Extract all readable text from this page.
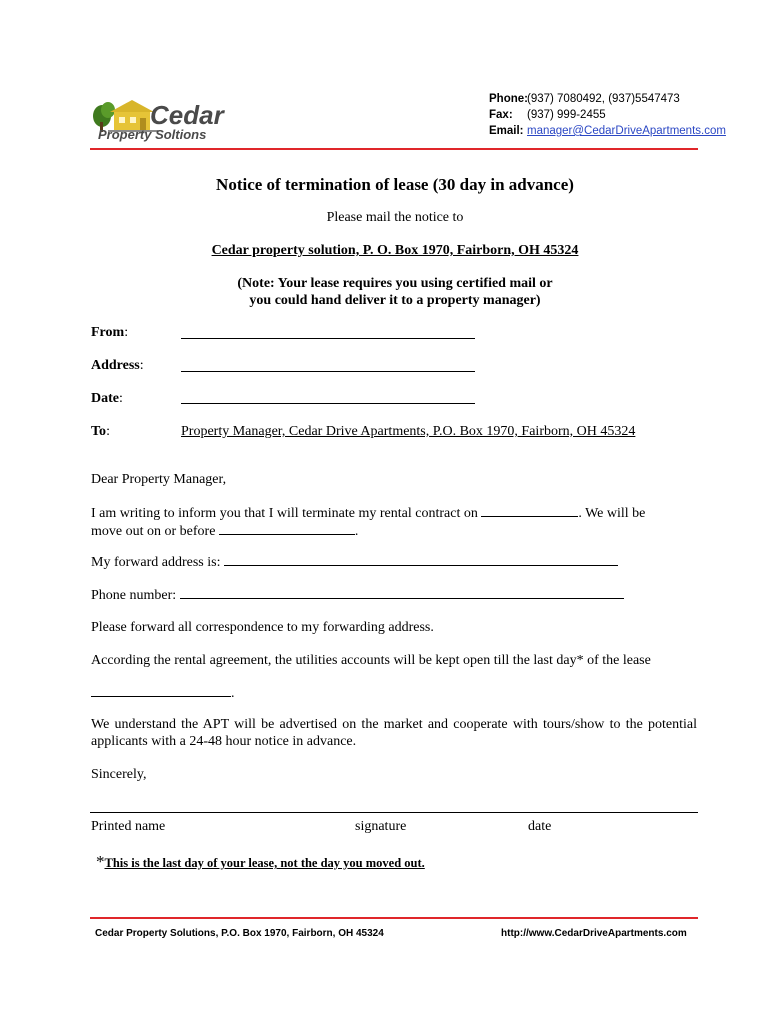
Cedar
Property Soltions
Phone:(937) 7080492, (937)5547473
Fax: (937) 999-2455
Email: manager@CedarDriveApartments.com
Notice of termination of lease (30 day in advance)
Please mail the notice to
Cedar property solution, P. O. Box 1970, Fairborn, OH 45324
(Note: Your lease requires you using certified mail or
you could hand deliver it to a property manager)
From:
Address:
Date:
To:	Property Manager, Cedar Drive Apartments, P.O. Box 1970, Fairborn, OH 45324
Dear Property Manager,
I am writing to inform you that I will terminate my rental contract on	. We will be
move out on or before	.
My forward address is:
Phone number:
Please forward all correspondence to my forwarding address.
According the rental agreement, the utilities accounts will be kept open till the last day* of the lease
.
We understand the APT will be advertised on the market and cooperate with tours/show to the potential applicants with a 24-48 hour notice in advance.
Sincerely,
Printed name	signature	date
*This is the last day of your lease, not the day you moved out.
Cedar Property Solutions, P.O. Box 1970, Fairborn, OH 45324	http://www.CedarDriveApartments.com
